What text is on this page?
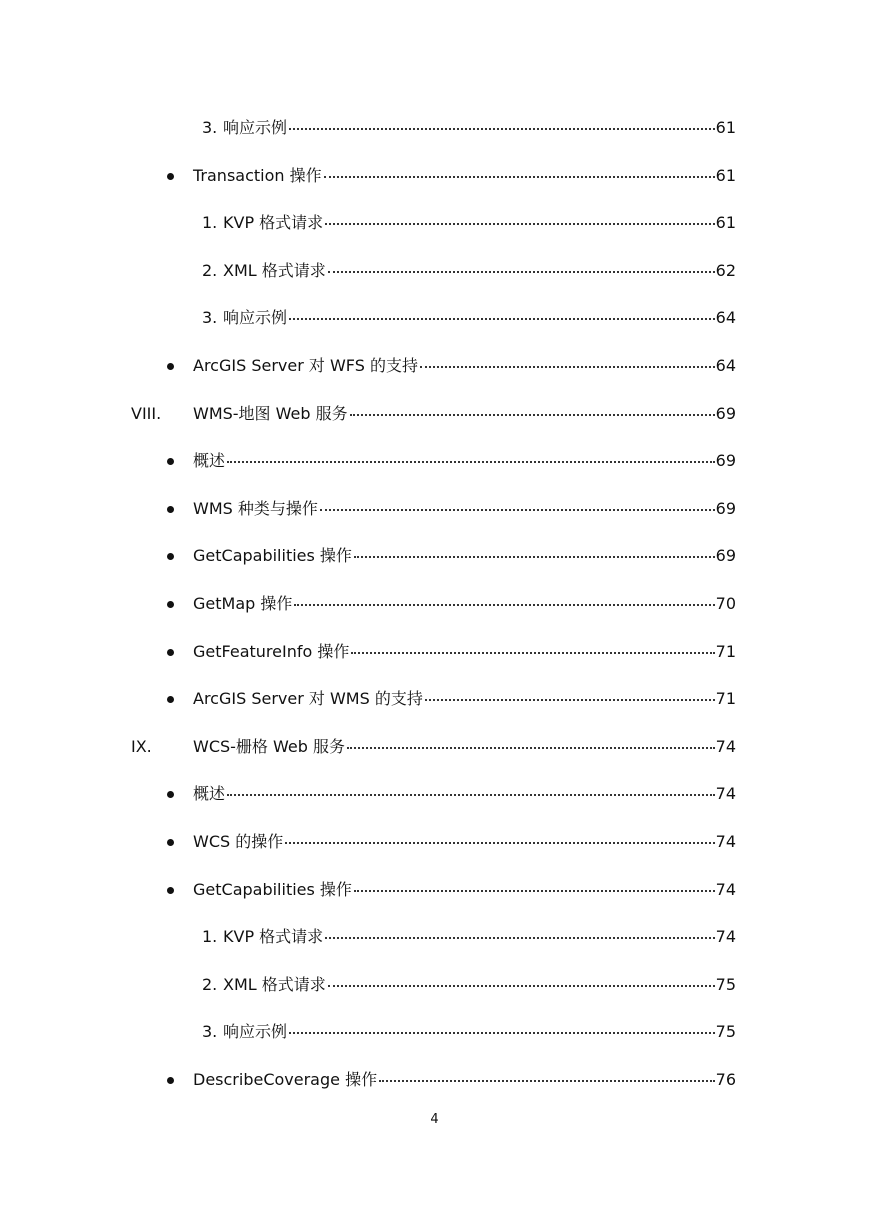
3. 响应示例	61
Transaction 操作	61
1. KVP 格式请求	61
2. XML 格式请求	62
3. 响应示例	64
ArcGIS Server 对 WFS 的支持	64
VIII. WMS-地图 Web 服务	69
概述	69
WMS 种类与操作	69
GetCapabilities 操作	69
GetMap 操作	70
GetFeatureInfo 操作	71
ArcGIS Server 对 WMS 的支持	71
IX.	WCS-栅格 Web 服务	74
概述	74
WCS 的操作	74
GetCapabilities 操作	74
1. KVP 格式请求	74
2. XML 格式请求	75
3. 响应示例	75
DescribeCoverage 操作	76
4
